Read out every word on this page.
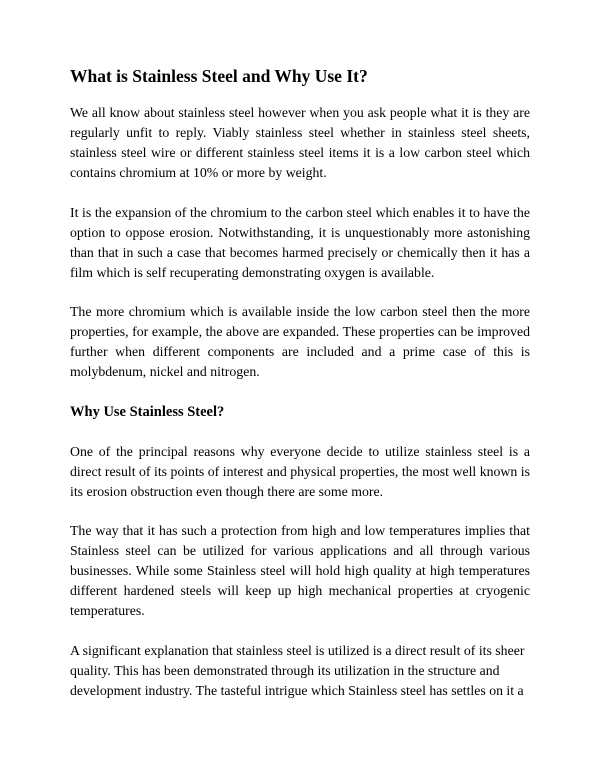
What is Stainless Steel and Why Use It?

We all know about stainless steel however when you ask people what it is they are regularly unfit to reply. Viably stainless steel whether in stainless steel sheets, stainless steel wire or different stainless steel items it is a low carbon steel which contains chromium at 10% or more by weight.

It is the expansion of the chromium to the carbon steel which enables it to have the option to oppose erosion. Notwithstanding, it is unquestionably more astonishing than that in such a case that becomes harmed precisely or chemically then it has a film which is self recuperating demonstrating oxygen is available.

The more chromium which is available inside the low carbon steel then the more properties, for example, the above are expanded. These properties can be improved further when different components are included and a prime case of this is molybdenum, nickel and nitrogen.

Why Use Stainless Steel?

One of the principal reasons why everyone decide to utilize stainless steel is a direct result of its points of interest and physical properties, the most well known is its erosion obstruction even though there are some more.

The way that it has such a protection from high and low temperatures implies that Stainless steel can be utilized for various applications and all through various businesses. While some Stainless steel will hold high quality at high temperatures different hardened steels will keep up high mechanical properties at cryogenic temperatures.

A significant explanation that stainless steel is utilized is a direct result of its sheer quality. This has been demonstrated through its utilization in the structure and development industry. The tasteful intrigue which Stainless steel has settles on it a
